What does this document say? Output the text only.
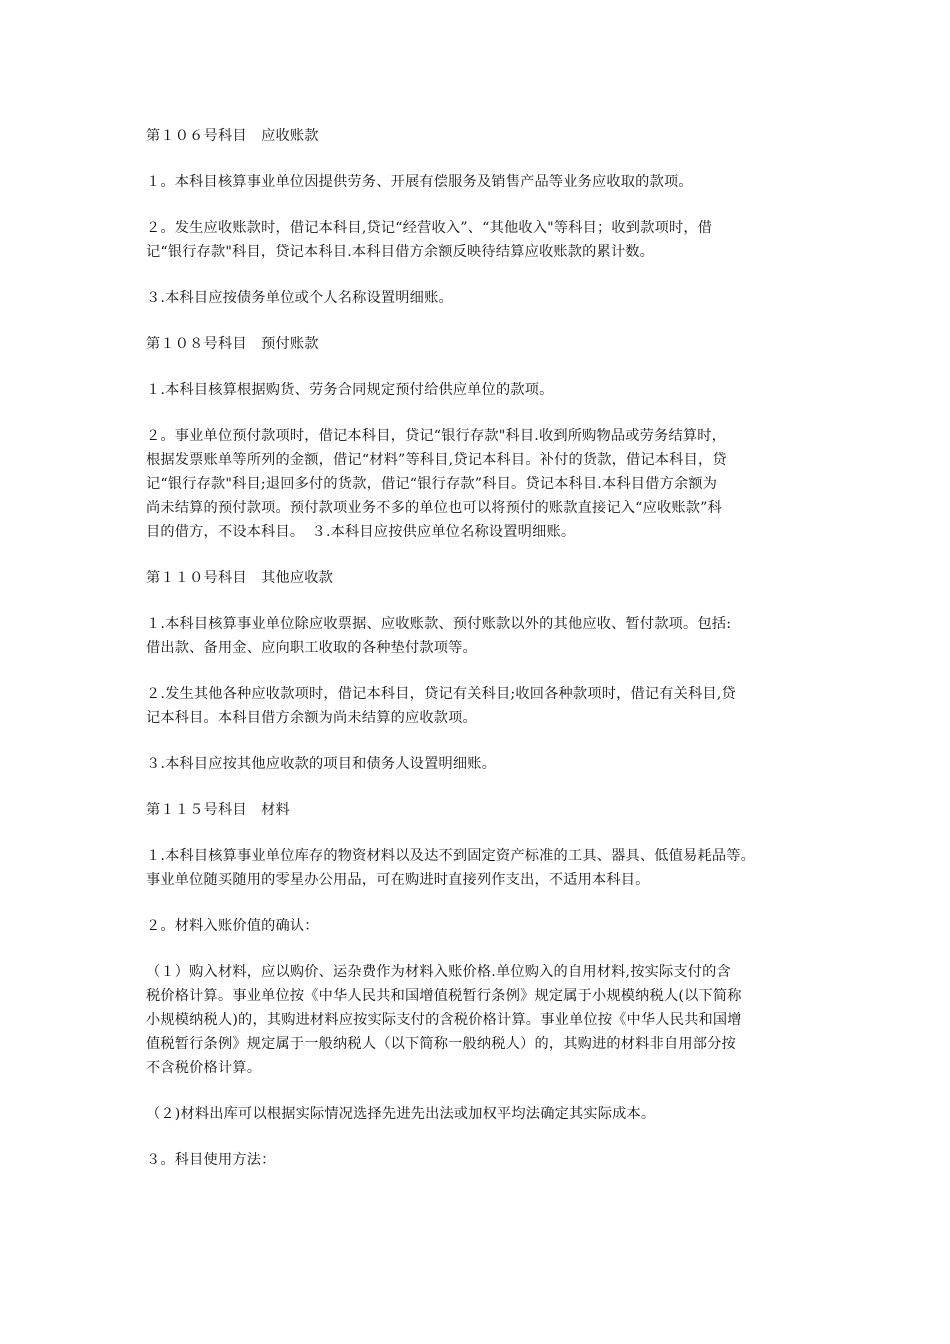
第１０６号科目　应收账款

１。本科目核算事业单位因提供劳务、开展有偿服务及销售产品等业务应收取的款项。

２。发生应收账款时，借记本科目,贷记“经营收入”、“其他收入"等科目；收到款项时，借
记“银行存款"科目，贷记本科目.本科目借方余额反映待结算应收账款的累计数。

３.本科目应按债务单位或个人名称设置明细账。

第１０８号科目　预付账款

１.本科目核算根据购货、劳务合同规定预付给供应单位的款项。

２。事业单位预付款项时，借记本科目，贷记“银行存款"科目.收到所购物品或劳务结算时，
根据发票账单等所列的金额，借记“材料”等科目,贷记本科目。补付的货款，借记本科目，贷
记“银行存款"科目;退回多付的货款，借记“银行存款”科目。贷记本科目.本科目借方余额为
尚未结算的预付款项。预付款项业务不多的单位也可以将预付的账款直接记入“应收账款”科
目的借方，不设本科目。　３.本科目应按供应单位名称设置明细账。

第１１０号科目　其他应收款

１.本科目核算事业单位除应收票据、应收账款、预付账款以外的其他应收、暂付款项。包括:
借出款、备用金、应向职工收取的各种垫付款项等。

２.发生其他各种应收款项时，借记本科目，贷记有关科目;收回各种款项时，借记有关科目,贷
记本科目。本科目借方余额为尚未结算的应收款项。

３.本科目应按其他应收款的项目和债务人设置明细账。

第１１５号科目　材料

１.本科目核算事业单位库存的物资材料以及达不到固定资产标准的工具、器具、低值易耗品等。
事业单位随买随用的零星办公用品，可在购进时直接列作支出，不适用本科目。

２。材料入账价值的确认：

（１）购入材料，应以购价、运杂费作为材料入账价格.单位购入的自用材料,按实际支付的含
税价格计算。事业单位按《中华人民共和国增值税暂行条例》规定属于小规模纳税人(以下简称
小规模纳税人)的，其购进材料应按实际支付的含税价格计算。事业单位按《中华人民共和国增
值税暂行条例》规定属于一般纳税人（以下简称一般纳税人）的，其购进的材料非自用部分按
不含税价格计算。

（２)材料出库可以根据实际情况选择先进先出法或加权平均法确定其实际成本。

３。科目使用方法：
